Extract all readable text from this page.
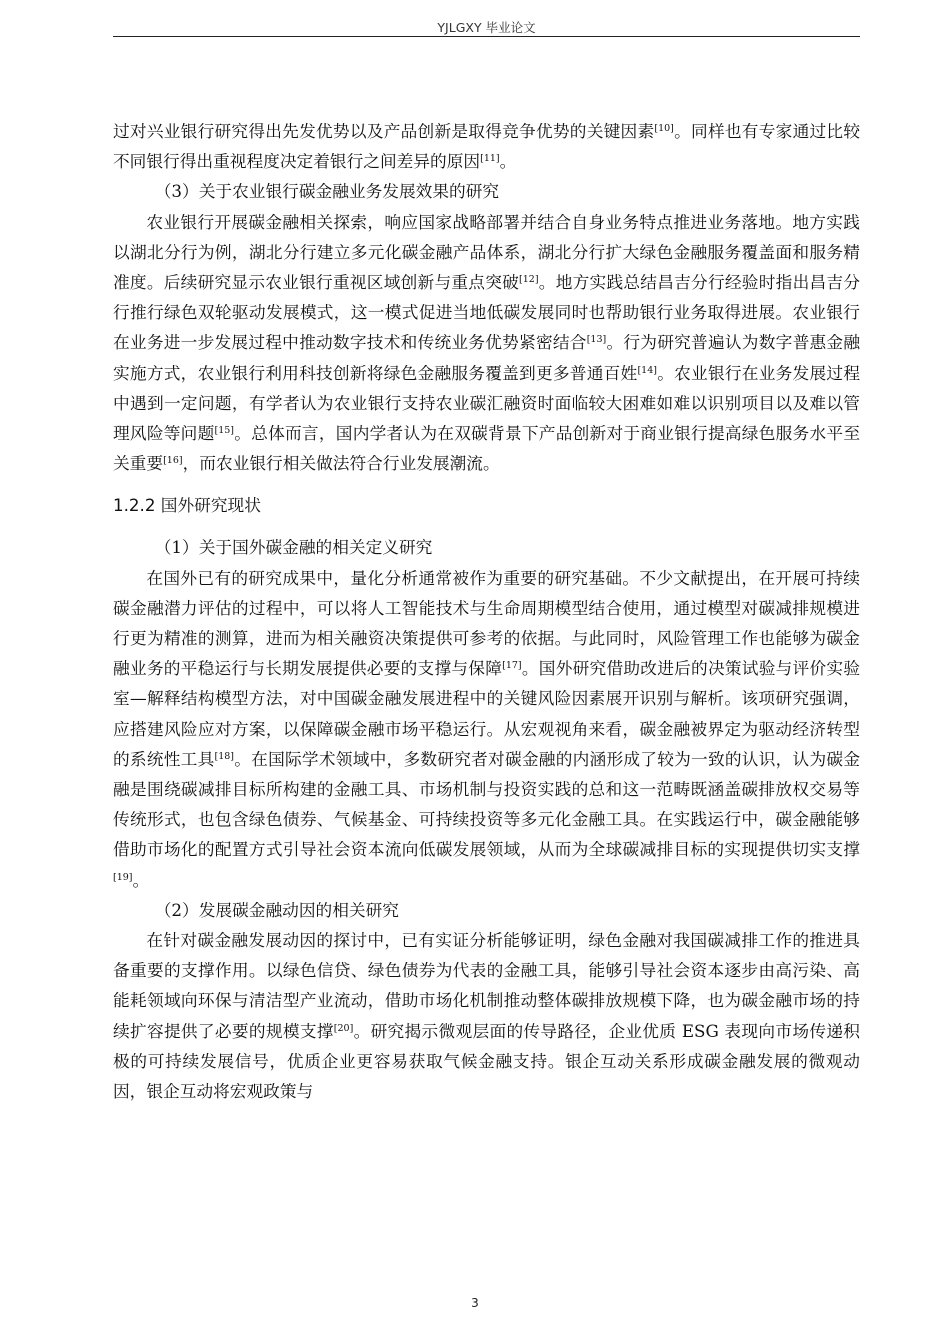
YJLGXY 毕业论文

过对兴业银行研究得出先发优势以及产品创新是取得竞争优势的关键因素[10]。同样也有专家通过比较不同银行得出重视程度决定着银行之间差异的原因[11]。

（3）关于农业银行碳金融业务发展效果的研究

农业银行开展碳金融相关探索，响应国家战略部署并结合自身业务特点推进业务落地。地方实践以湖北分行为例，湖北分行建立多元化碳金融产品体系，湖北分行扩大绿色金融服务覆盖面和服务精准度。后续研究显示农业银行重视区域创新与重点突破[12]。地方实践总结昌吉分行经验时指出昌吉分行推行绿色双轮驱动发展模式，这一模式促进当地低碳发展同时也帮助银行业务取得进展。农业银行在业务进一步发展过程中推动数字技术和传统业务优势紧密结合[13]。行为研究普遍认为数字普惠金融实施方式，农业银行利用科技创新将绿色金融服务覆盖到更多普通百姓[14]。农业银行在业务发展过程中遇到一定问题，有学者认为农业银行支持农业碳汇融资时面临较大困难如难以识别项目以及难以管理风险等问题[15]。总体而言，国内学者认为在双碳背景下产品创新对于商业银行提高绿色服务水平至关重要[16]，而农业银行相关做法符合行业发展潮流。

1.2.2 国外研究现状

（1）关于国外碳金融的相关定义研究

在国外已有的研究成果中，量化分析通常被作为重要的研究基础。不少文献提出，在开展可持续碳金融潜力评估的过程中，可以将人工智能技术与生命周期模型结合使用，通过模型对碳减排规模进行更为精准的测算，进而为相关融资决策提供可参考的依据。与此同时，风险管理工作也能够为碳金融业务的平稳运行与长期发展提供必要的支撑与保障[17]。国外研究借助改进后的决策试验与评价实验室—解释结构模型方法，对中国碳金融发展进程中的关键风险因素展开识别与解析。该项研究强调，应搭建风险应对方案，以保障碳金融市场平稳运行。从宏观视角来看，碳金融被界定为驱动经济转型的系统性工具[18]。在国际学术领域中，多数研究者对碳金融的内涵形成了较为一致的认识，认为碳金融是围绕碳减排目标所构建的金融工具、市场机制与投资实践的总和这一范畴既涵盖碳排放权交易等传统形式，也包含绿色债券、气候基金、可持续投资等多元化金融工具。在实践运行中，碳金融能够借助市场化的配置方式引导社会资本流向低碳发展领域，从而为全球碳减排目标的实现提供切实支撑[19]。

（2）发展碳金融动因的相关研究

在针对碳金融发展动因的探讨中，已有实证分析能够证明，绿色金融对我国碳减排工作的推进具备重要的支撑作用。以绿色信贷、绿色债券为代表的金融工具，能够引导社会资本逐步由高污染、高能耗领域向环保与清洁型产业流动，借助市场化机制推动整体碳排放规模下降，也为碳金融市场的持续扩容提供了必要的规模支撑[20]。研究揭示微观层面的传导路径，企业优质 ESG 表现向市场传递积极的可持续发展信号，优质企业更容易获取气候金融支持。银企互动关系形成碳金融发展的微观动因，银企互动将宏观政策与

3
